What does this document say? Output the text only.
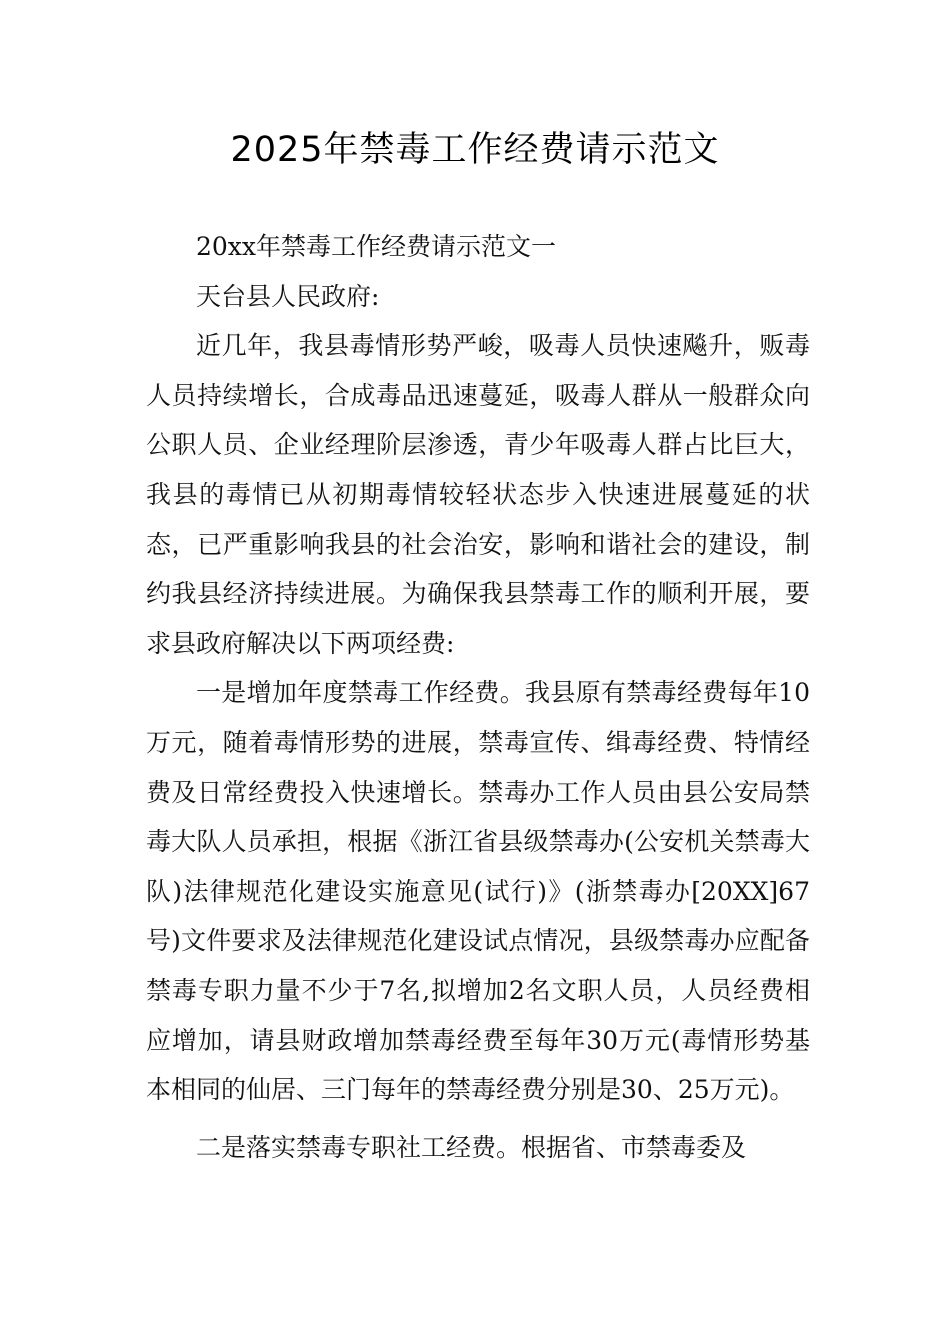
2025年禁毒工作经费请示范文

20xx年禁毒工作经费请示范文一

天台县人民政府:

近几年，我县毒情形势严峻，吸毒人员快速飚升，贩毒人员持续增长，合成毒品迅速蔓延，吸毒人群从一般群众向公职人员、企业经理阶层渗透，青少年吸毒人群占比巨大，我县的毒情已从初期毒情较轻状态步入快速进展蔓延的状态，已严重影响我县的社会治安，影响和谐社会的建设，制约我县经济持续进展。为确保我县禁毒工作的顺利开展，要求县政府解决以下两项经费:

一是增加年度禁毒工作经费。我县原有禁毒经费每年10万元，随着毒情形势的进展，禁毒宣传、缉毒经费、特情经费及日常经费投入快速增长。禁毒办工作人员由县公安局禁毒大队人员承担，根据《浙江省县级禁毒办(公安机关禁毒大队)法律规范化建设实施意见(试行)》(浙禁毒办[20XX]67号)文件要求及法律规范化建设试点情况，县级禁毒办应配备禁毒专职力量不少于7名,拟增加2名文职人员，人员经费相应增加，请县财政增加禁毒经费至每年30万元(毒情形势基本相同的仙居、三门每年的禁毒经费分别是30、25万元)。

二是落实禁毒专职社工经费。根据省、市禁毒委及
